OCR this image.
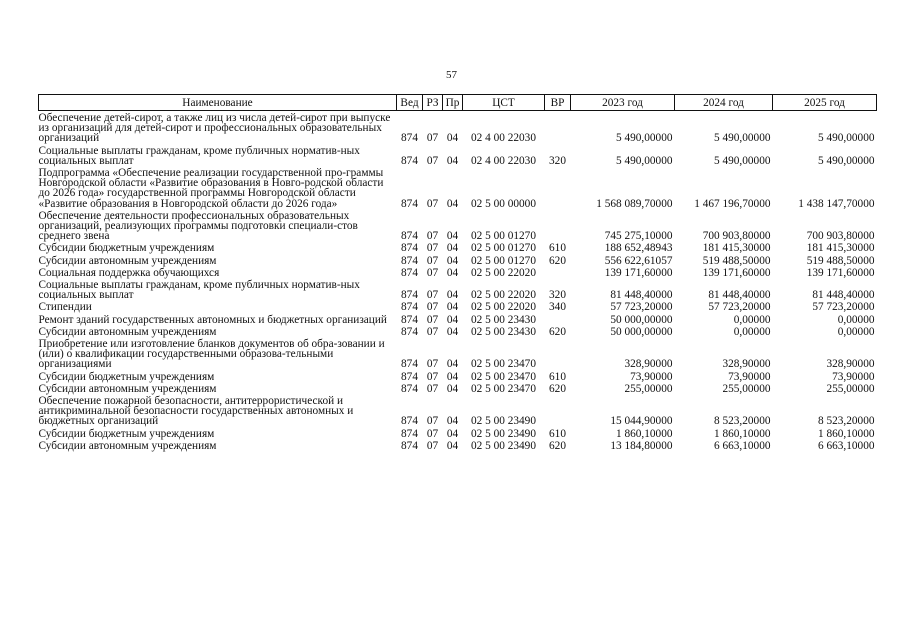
57
Наименование	Вед	РЗ	Пр	ЦСТ	ВР	2023 год	2024 год	2025 год
Обеспечение детей-сирот, а также лиц из числа детей-сирот при выпуске из организаций для детей-сирот и профессиональных образовательных организаций	874	07	04	02 4 00 22030		5 490,00000	5 490,00000	5 490,00000
Социальные выплаты гражданам, кроме публичных норматив-ных социальных выплат	874	07	04	02 4 00 22030	320	5 490,00000	5 490,00000	5 490,00000
Подпрограмма «Обеспечение реализации государственной про-граммы Новгородской области «Развитие образования в Новго-родской области до 2026 года» государственной программы Новгородской области «Развитие образования в Новгородской области до 2026 года»	874	07	04	02 5 00 00000		1 568 089,70000	1 467 196,70000	1 438 147,70000
Обеспечение деятельности профессиональных образовательных организаций, реализующих программы подготовки специали-стов среднего звена	874	07	04	02 5 00 01270		745 275,10000	700 903,80000	700 903,80000
Субсидии бюджетным учреждениям	874	07	04	02 5 00 01270	610	188 652,48943	181 415,30000	181 415,30000
Субсидии автономным учреждениям	874	07	04	02 5 00 01270	620	556 622,61057	519 488,50000	519 488,50000
Социальная поддержка обучающихся	874	07	04	02 5 00 22020		139 171,60000	139 171,60000	139 171,60000
Социальные выплаты гражданам, кроме публичных норматив-ных социальных выплат	874	07	04	02 5 00 22020	320	81 448,40000	81 448,40000	81 448,40000
Стипендии	874	07	04	02 5 00 22020	340	57 723,20000	57 723,20000	57 723,20000
Ремонт зданий государственных автономных и бюджетных организаций	874	07	04	02 5 00 23430		50 000,00000	0,00000	0,00000
Субсидии автономным учреждениям	874	07	04	02 5 00 23430	620	50 000,00000	0,00000	0,00000
Приобретение или изготовление бланков документов об обра-зовании и (или) о квалификации государственными образова-тельными организациями	874	07	04	02 5 00 23470		328,90000	328,90000	328,90000
Субсидии бюджетным учреждениям	874	07	04	02 5 00 23470	610	73,90000	73,90000	73,90000
Субсидии автономным учреждениям	874	07	04	02 5 00 23470	620	255,00000	255,00000	255,00000
Обеспечение пожарной безопасности, антитеррористической и антикриминальной безопасности государственных автономных и бюджетных организаций	874	07	04	02 5 00 23490		15 044,90000	8 523,20000	8 523,20000
Субсидии бюджетным учреждениям	874	07	04	02 5 00 23490	610	1 860,10000	1 860,10000	1 860,10000
Субсидии автономным учреждениям	874	07	04	02 5 00 23490	620	13 184,80000	6 663,10000	6 663,10000
